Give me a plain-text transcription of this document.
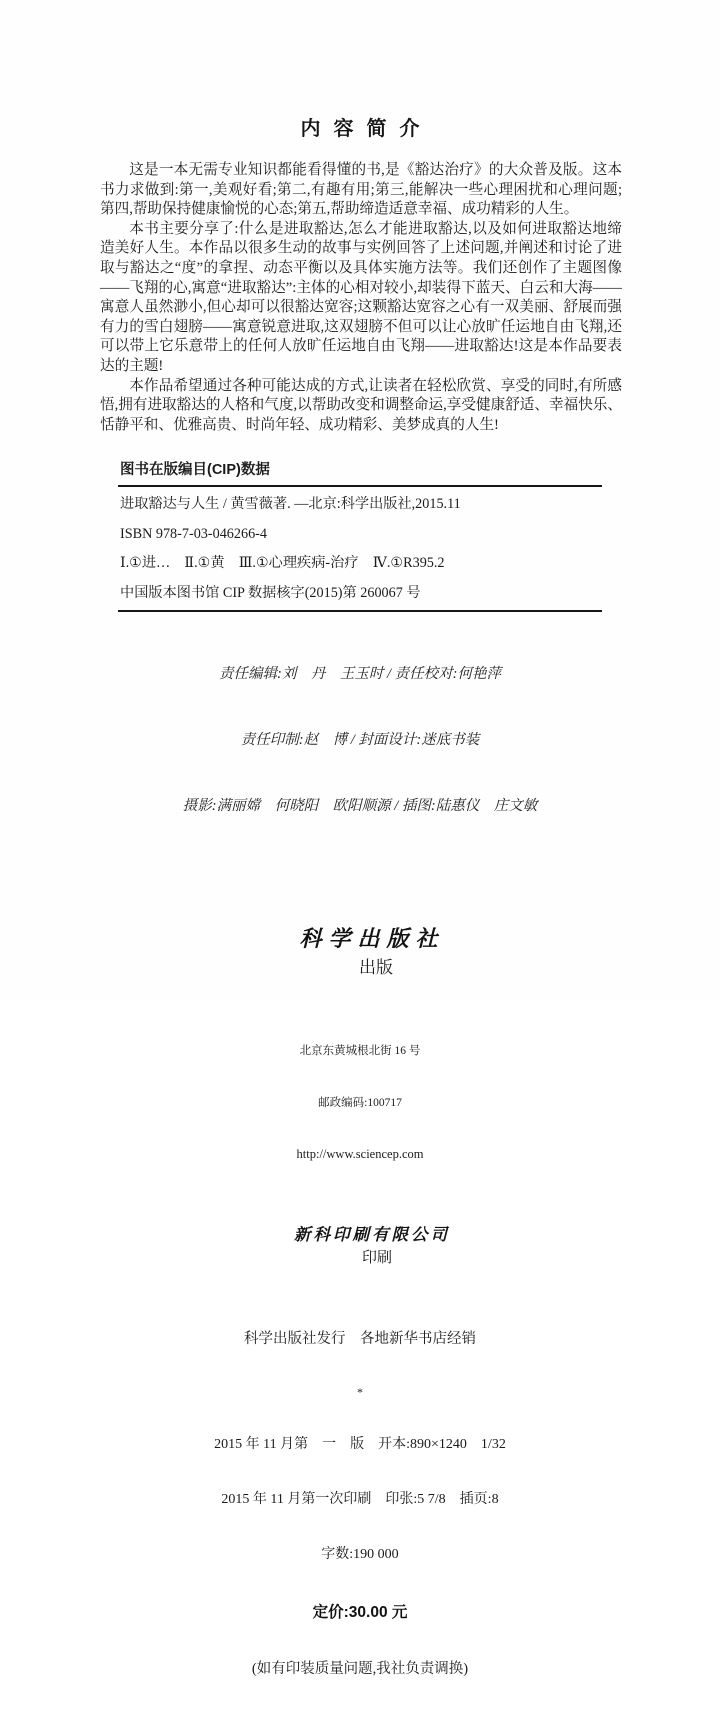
内容简介

这是一本无需专业知识都能看得懂的书,是《豁达治疗》的大众普及版。这本书力求做到:第一,美观好看;第二,有趣有用;第三,能解决一些心理困扰和心理问题;第四,帮助保持健康愉悦的心态;第五,帮助缔造适意幸福、成功精彩的人生。

本书主要分享了:什么是进取豁达,怎么才能进取豁达,以及如何进取豁达地缔造美好人生。本作品以很多生动的故事与实例回答了上述问题,并阐述和讨论了进取与豁达之“度”的拿捏、动态平衡以及具体实施方法等。我们还创作了主题图像——飞翔的心,寓意“进取豁达”:主体的心相对较小,却装得下蓝天、白云和大海——寓意人虽然渺小,但心却可以很豁达宽容;这颗豁达宽容之心有一双美丽、舒展而强有力的雪白翅膀——寓意锐意进取,这双翅膀不但可以让心放旷任运地自由飞翔,还可以带上它乐意带上的任何人放旷任运地自由飞翔——进取豁达!这是本作品要表达的主题!

本作品希望通过各种可能达成的方式,让读者在轻松欣赏、享受的同时,有所感悟,拥有进取豁达的人格和气度,以帮助改变和调整命运,享受健康舒适、幸福快乐、恬静平和、优雅高贵、时尚年轻、成功精彩、美梦成真的人生!

图书在版编目(CIP)数据
进取豁达与人生 / 黄雪薇著. —北京:科学出版社,2015.11
ISBN 978-7-03-046266-4
Ⅰ.①进…　Ⅱ.①黄　Ⅲ.①心理疾病-治疗　Ⅳ.①R395.2
中国版本图书馆 CIP 数据核字(2015)第 260067 号

责任编辑:刘　丹　王玉时 / 责任校对:何艳萍

责任印制:赵　博 / 封面设计:迷底书装

摄影:满丽嫦　何晓阳　欧阳顺源 / 插图:陆惠仪　庄文敏

科学出版社
出版

北京东黄城根北街 16 号

邮政编码:100717

http://www.sciencep.com

新科印刷有限公司
印刷

科学出版社发行　各地新华书店经销

*

2015 年 11 月第　一　版　开本:890×1240　1/32

2015 年 11 月第一次印刷　印张:5 7/8　插页:8

字数:190 000

定价:30.00 元

(如有印装质量问题,我社负责调换)
